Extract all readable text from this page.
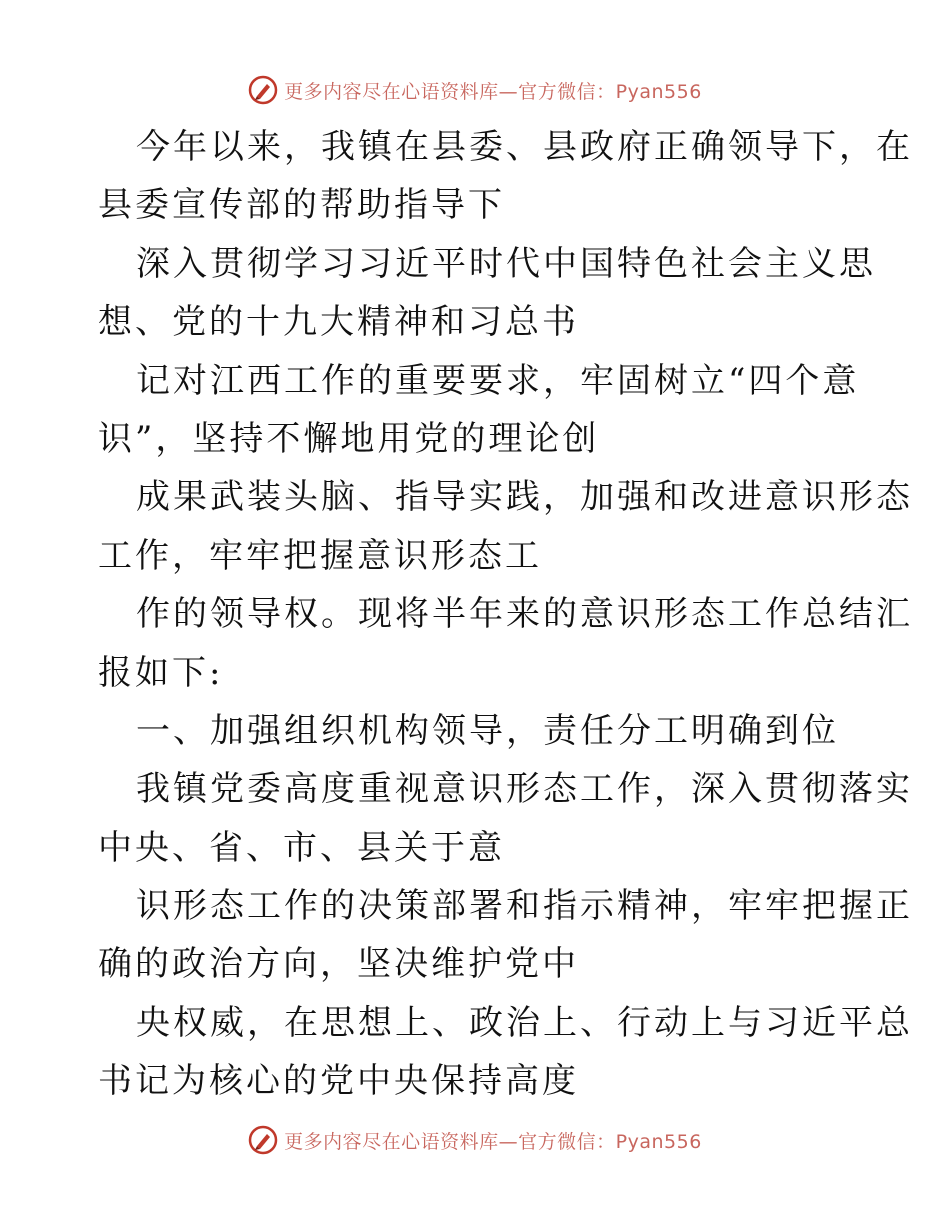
更多内容尽在心语资料库—官方微信：Pyan556
今年以来，我镇在县委、县政府正确领导下，在
县委宣传部的帮助指导下
深入贯彻学习习近平时代中国特色社会主义思
想、党的十九大精神和习总书
记对江西工作的重要要求，牢固树立“四个意
识”，坚持不懈地用党的理论创
成果武装头脑、指导实践，加强和改进意识形态
工作，牢牢把握意识形态工
作的领导权。现将半年来的意识形态工作总结汇
报如下:
一、加强组织机构领导，责任分工明确到位
我镇党委高度重视意识形态工作，深入贯彻落实
中央、省、市、县关于意
识形态工作的决策部署和指示精神，牢牢把握正
确的政治方向，坚决维护党中
央权威，在思想上、政治上、行动上与习近平总
书记为核心的党中央保持高度
更多内容尽在心语资料库—官方微信：Pyan556
